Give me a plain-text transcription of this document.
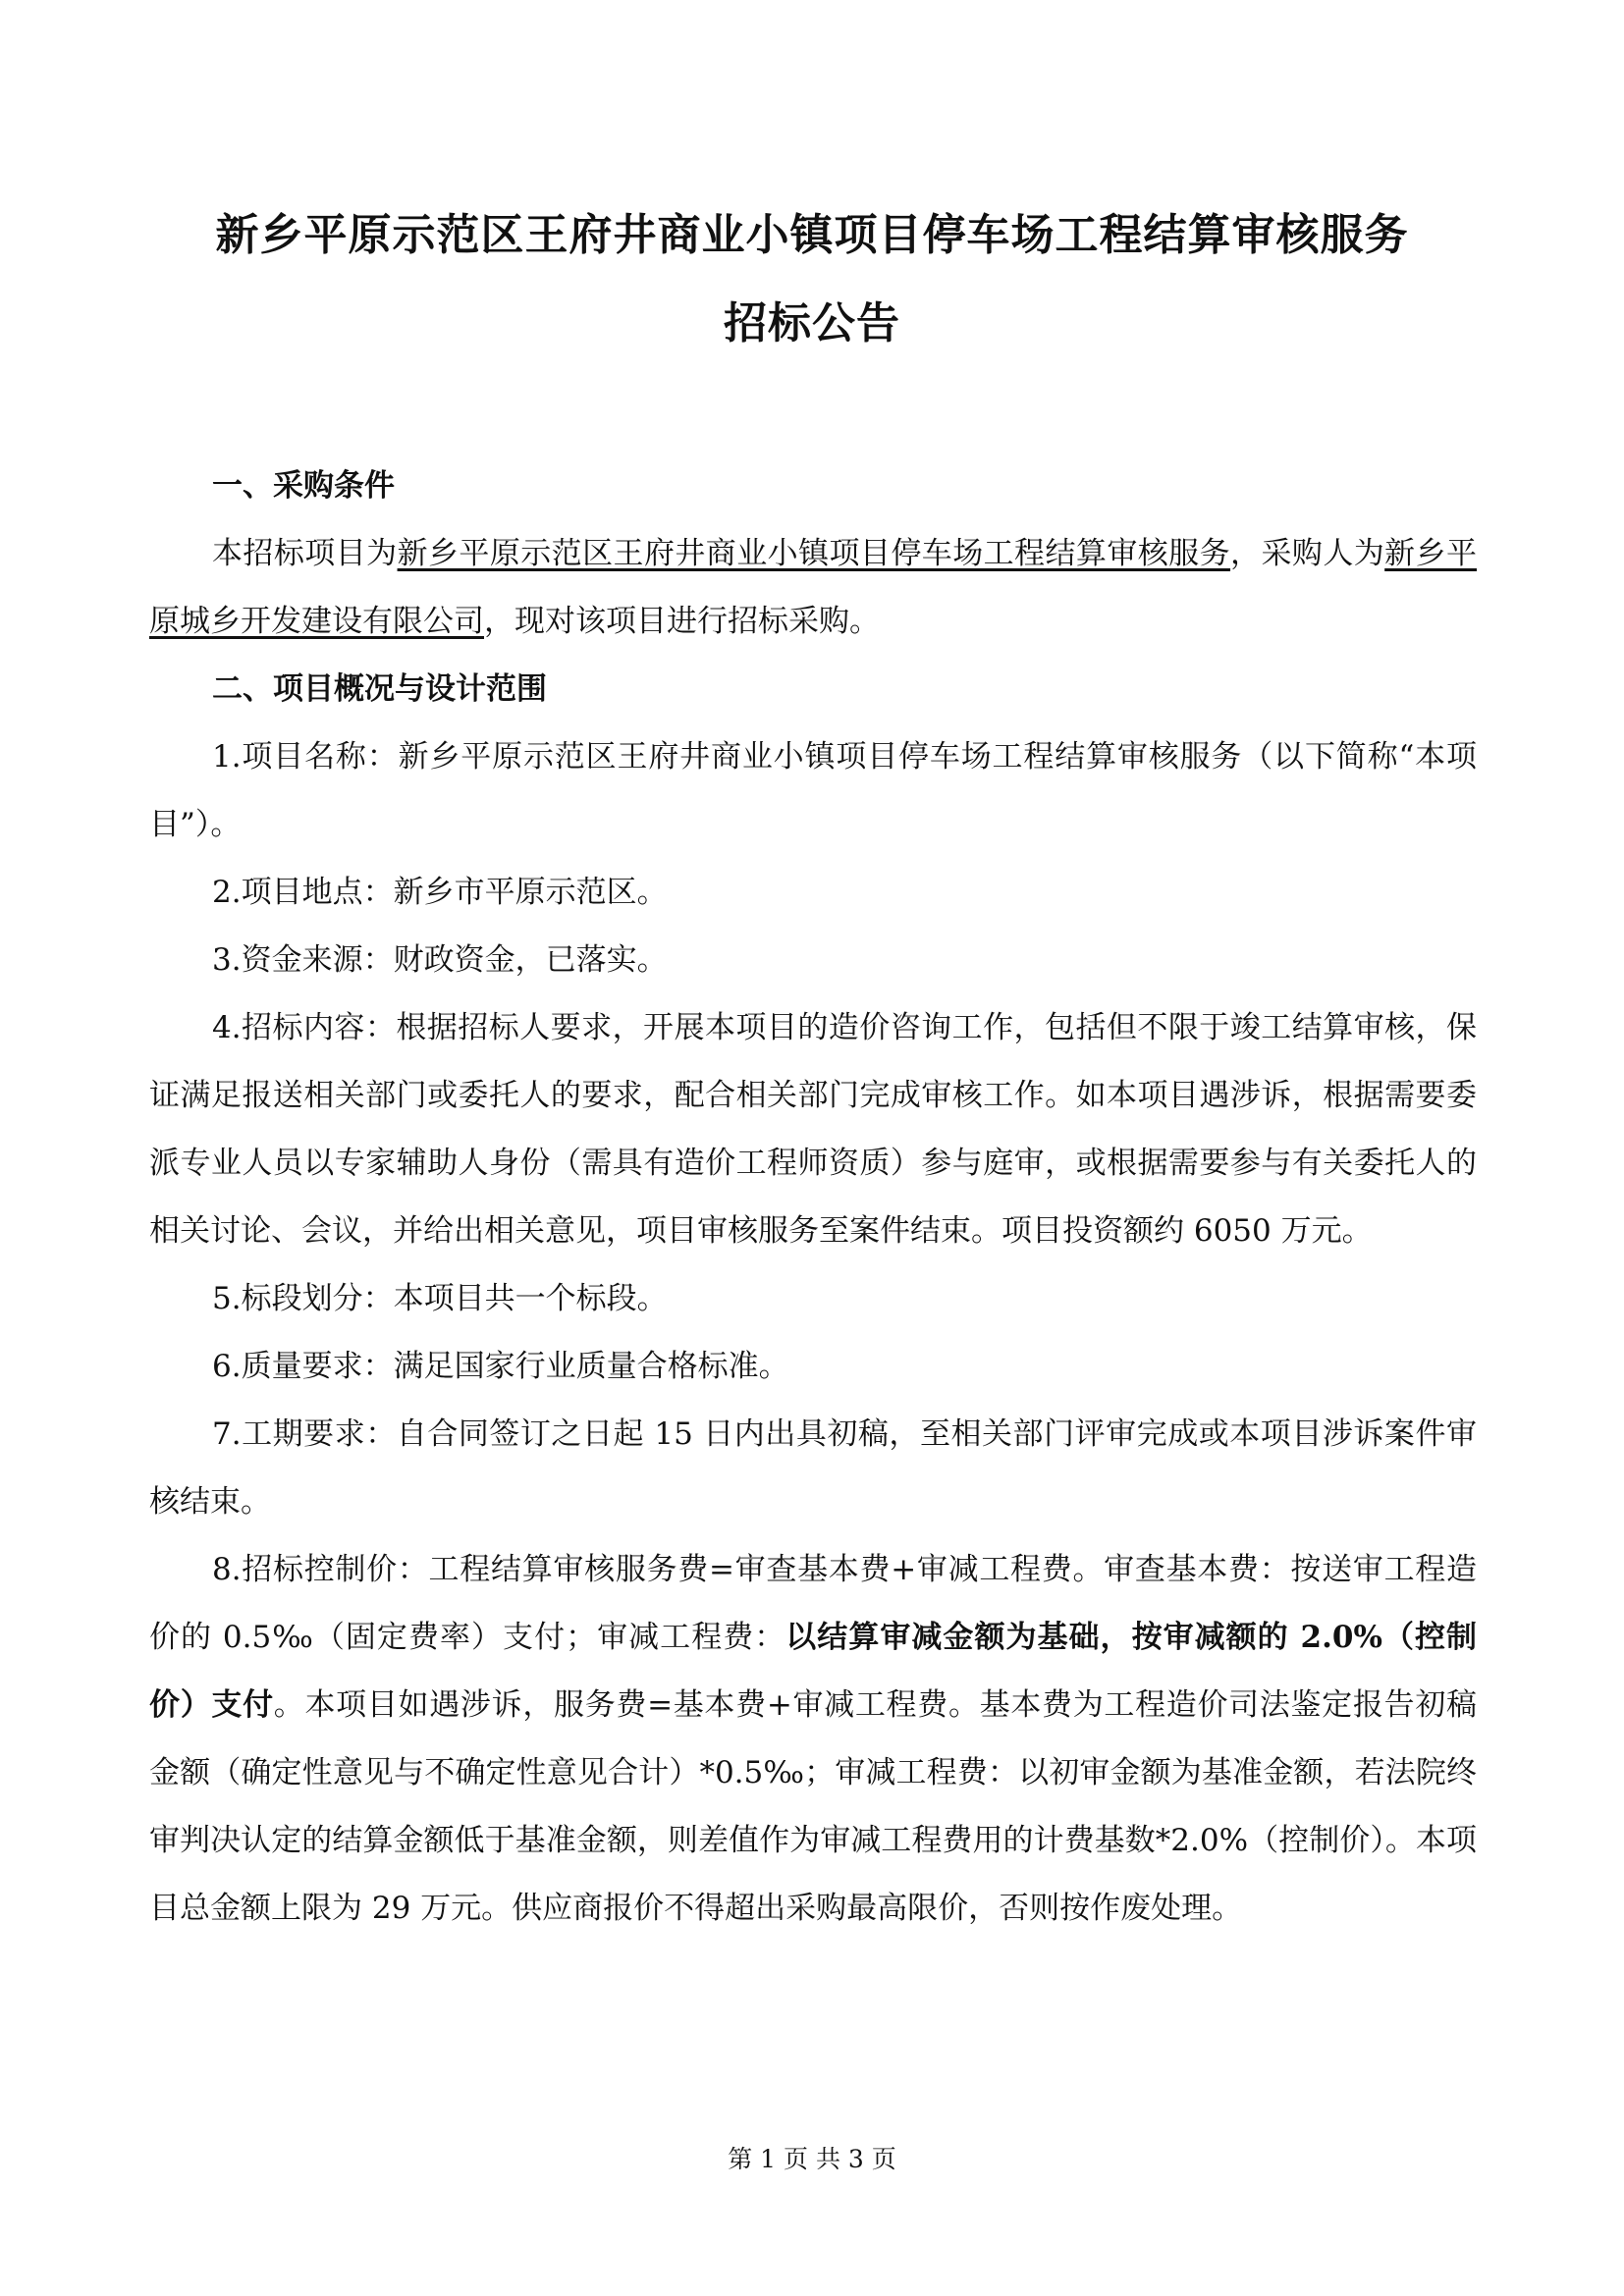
新乡平原示范区王府井商业小镇项目停车场工程结算审核服务
招标公告

一、采购条件

本招标项目为新乡平原示范区王府井商业小镇项目停车场工程结算审核服务，采购人为新乡平原城乡开发建设有限公司，现对该项目进行招标采购。

二、项目概况与设计范围

1.项目名称：新乡平原示范区王府井商业小镇项目停车场工程结算审核服务（以下简称“本项目”）。

2.项目地点：新乡市平原示范区。

3.资金来源：财政资金，已落实。

4.招标内容：根据招标人要求，开展本项目的造价咨询工作，包括但不限于竣工结算审核，保证满足报送相关部门或委托人的要求，配合相关部门完成审核工作。如本项目遇涉诉，根据需要委派专业人员以专家辅助人身份（需具有造价工程师资质）参与庭审，或根据需要参与有关委托人的相关讨论、会议，并给出相关意见，项目审核服务至案件结束。项目投资额约 6050 万元。

5.标段划分：本项目共一个标段。

6.质量要求：满足国家行业质量合格标准。

7.工期要求：自合同签订之日起 15 日内出具初稿，至相关部门评审完成或本项目涉诉案件审核结束。

8.招标控制价：工程结算审核服务费=审查基本费+审减工程费。审查基本费：按送审工程造价的 0.5‰（固定费率）支付；审减工程费：以结算审减金额为基础，按审减额的 2.0%（控制价）支付。本项目如遇涉诉，服务费=基本费+审减工程费。基本费为工程造价司法鉴定报告初稿金额（确定性意见与不确定性意见合计）*0.5‰；审减工程费：以初审金额为基准金额，若法院终审判决认定的结算金额低于基准金额，则差值作为审减工程费用的计费基数*2.0%（控制价）。本项目总金额上限为 29 万元。供应商报价不得超出采购最高限价，否则按作废处理。

第 1 页 共 3 页
